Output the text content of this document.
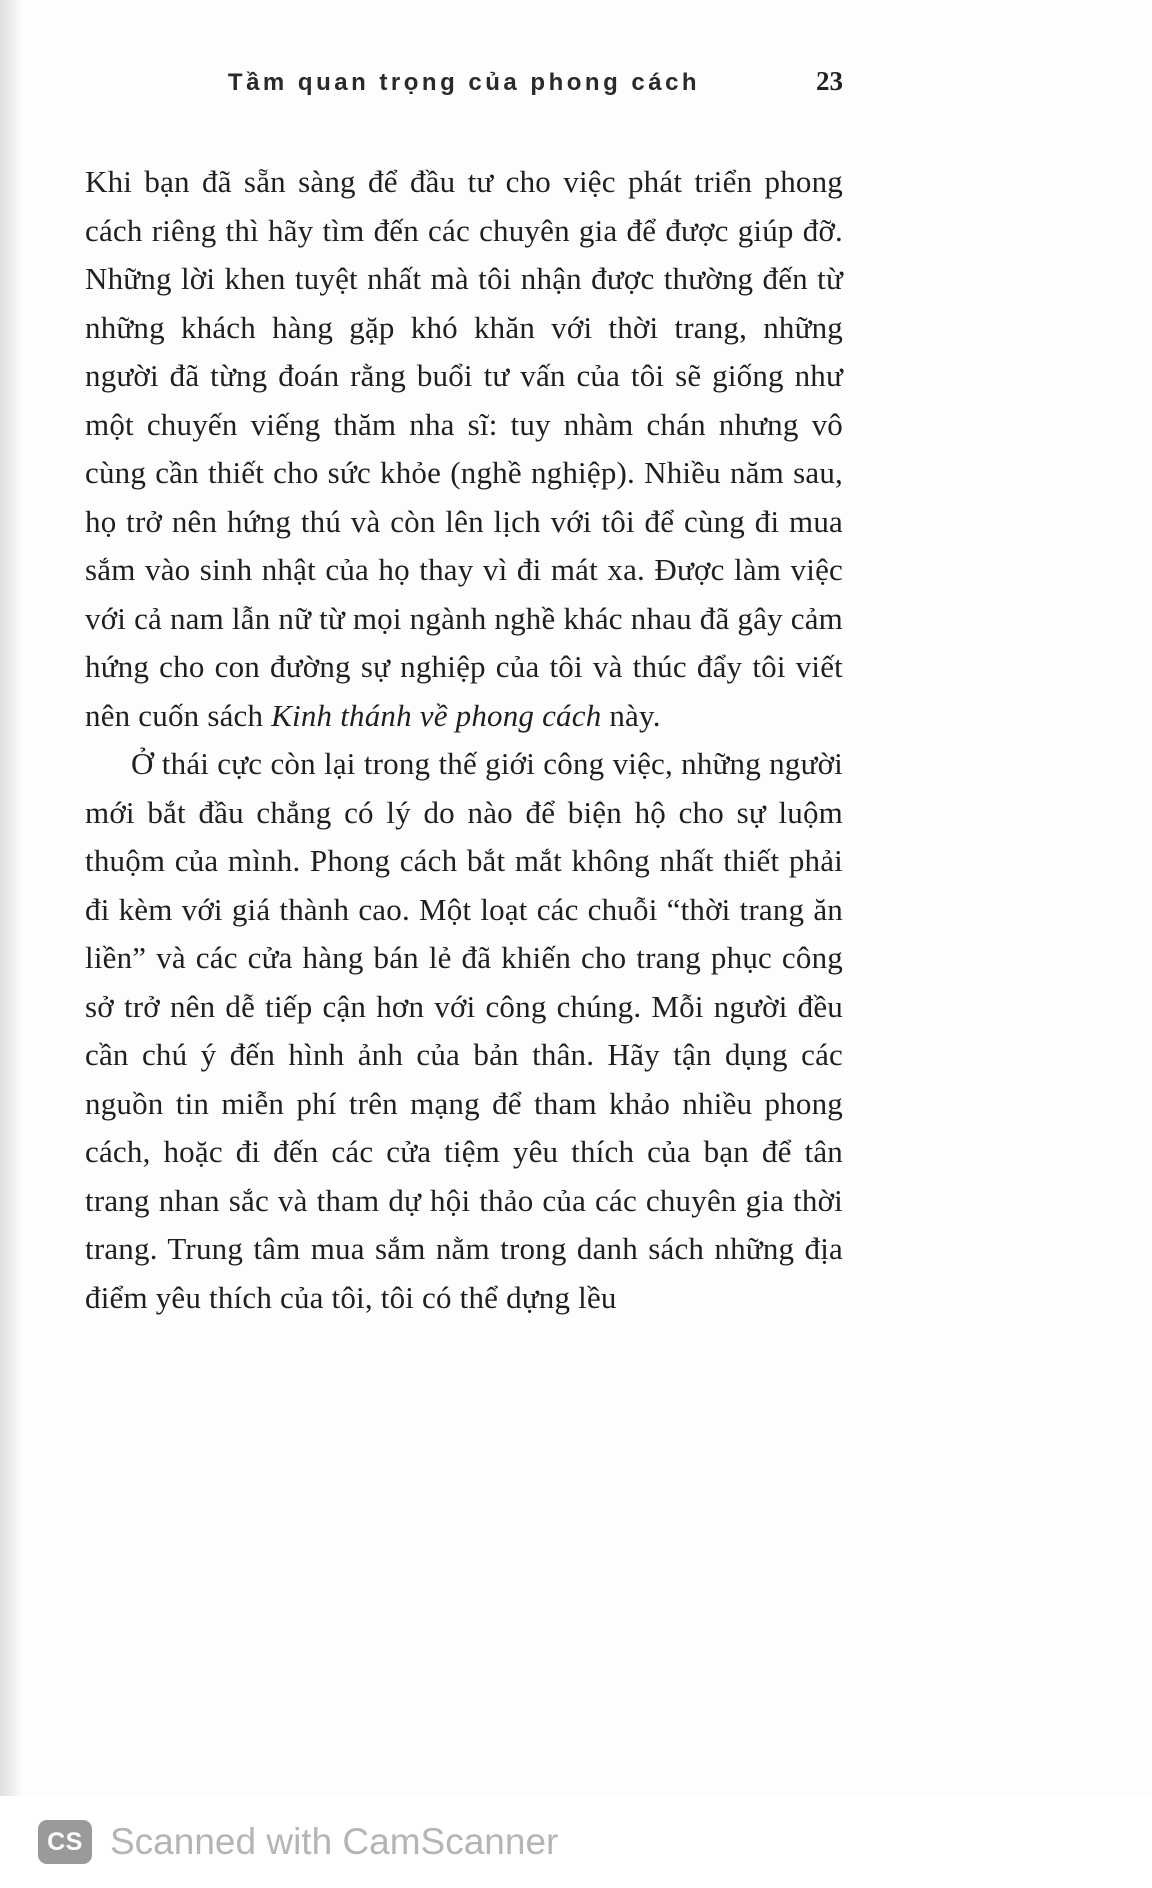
Tầm quan trọng của phong cách	23

Khi bạn đã sẵn sàng để đầu tư cho việc phát triển phong cách riêng thì hãy tìm đến các chuyên gia để được giúp đỡ. Những lời khen tuyệt nhất mà tôi nhận được thường đến từ những khách hàng gặp khó khăn với thời trang, những người đã từng đoán rằng buổi tư vấn của tôi sẽ giống như một chuyến viếng thăm nha sĩ: tuy nhàm chán nhưng vô cùng cần thiết cho sức khỏe (nghề nghiệp). Nhiều năm sau, họ trở nên hứng thú và còn lên lịch với tôi để cùng đi mua sắm vào sinh nhật của họ thay vì đi mát xa. Được làm việc với cả nam lẫn nữ từ mọi ngành nghề khác nhau đã gây cảm hứng cho con đường sự nghiệp của tôi và thúc đẩy tôi viết nên cuốn sách Kinh thánh về phong cách này.

Ở thái cực còn lại trong thế giới công việc, những người mới bắt đầu chẳng có lý do nào để biện hộ cho sự luộm thuộm của mình. Phong cách bắt mắt không nhất thiết phải đi kèm với giá thành cao. Một loạt các chuỗi “thời trang ăn liền” và các cửa hàng bán lẻ đã khiến cho trang phục công sở trở nên dễ tiếp cận hơn với công chúng. Mỗi người đều cần chú ý đến hình ảnh của bản thân. Hãy tận dụng các nguồn tin miễn phí trên mạng để tham khảo nhiều phong cách, hoặc đi đến các cửa tiệm yêu thích của bạn để tân trang nhan sắc và tham dự hội thảo của các chuyên gia thời trang. Trung tâm mua sắm nằm trong danh sách những địa điểm yêu thích của tôi, tôi có thể dựng lều

CS Scanned with CamScanner
